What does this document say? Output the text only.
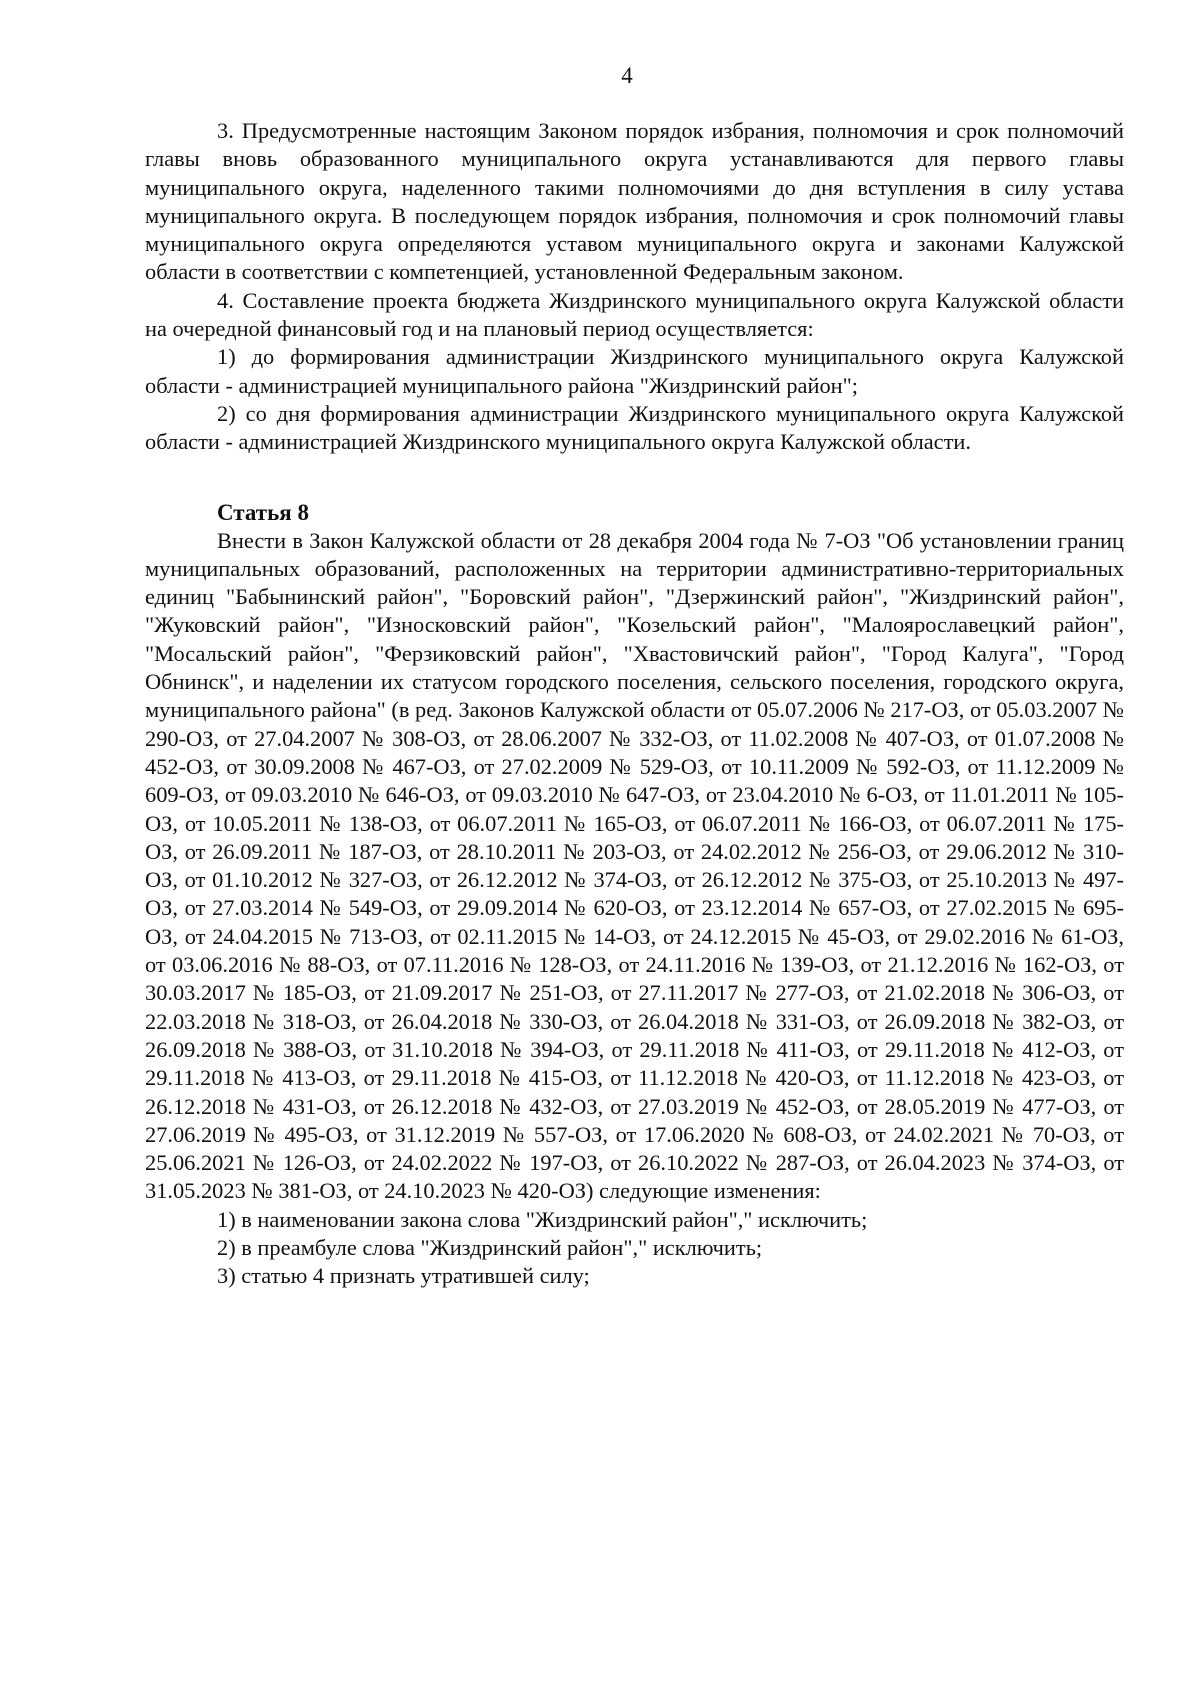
4

3. Предусмотренные настоящим Законом порядок избрания, полномочия и срок полномочий главы вновь образованного муниципального округа устанавливаются для первого главы муниципального округа, наделенного такими полномочиями до дня вступления в силу устава муниципального округа. В последующем порядок избрания, полномочия и срок полномочий главы муниципального округа определяются уставом муниципального округа и законами Калужской области в соответствии с компетенцией, установленной Федеральным законом.

4. Составление проекта бюджета Жиздринского муниципального округа Калужской области на очередной финансовый год и на плановый период осуществляется:

1) до формирования администрации Жиздринского муниципального округа Калужской области - администрацией муниципального района "Жиздринский район";

2) со дня формирования администрации Жиздринского муниципального округа Калужской области - администрацией Жиздринского муниципального округа Калужской области.

Статья 8

Внести в Закон Калужской области от 28 декабря 2004 года № 7-ОЗ "Об установлении границ муниципальных образований, расположенных на территории административно-территориальных единиц "Бабынинский район", "Боровский район", "Дзержинский район", "Жиздринский район", "Жуковский район", "Износковский район", "Козельский район", "Малоярославецкий район", "Мосальский район", "Ферзиковский район", "Хвастовичский район", "Город Калуга", "Город Обнинск", и наделении их статусом городского поселения, сельского поселения, городского округа, муниципального района" (в ред. Законов Калужской области от 05.07.2006 № 217-ОЗ, от 05.03.2007 № 290-ОЗ, от 27.04.2007 № 308-ОЗ, от 28.06.2007 № 332-ОЗ, от 11.02.2008 № 407-ОЗ, от 01.07.2008 № 452-ОЗ, от 30.09.2008 № 467-ОЗ, от 27.02.2009 № 529-ОЗ, от 10.11.2009 № 592-ОЗ, от 11.12.2009 № 609-ОЗ, от 09.03.2010 № 646-ОЗ, от 09.03.2010 № 647-ОЗ, от 23.04.2010 № 6-ОЗ, от 11.01.2011 № 105-ОЗ, от 10.05.2011 № 138-ОЗ, от 06.07.2011 № 165-ОЗ, от 06.07.2011 № 166-ОЗ, от 06.07.2011 № 175-ОЗ, от 26.09.2011 № 187-ОЗ, от 28.10.2011 № 203-ОЗ, от 24.02.2012 № 256-ОЗ, от 29.06.2012 № 310-ОЗ, от 01.10.2012 № 327-ОЗ, от 26.12.2012 № 374-ОЗ, от 26.12.2012 № 375-ОЗ, от 25.10.2013 № 497-ОЗ, от 27.03.2014 № 549-ОЗ, от 29.09.2014 № 620-ОЗ, от 23.12.2014 № 657-ОЗ, от 27.02.2015 № 695-ОЗ, от 24.04.2015 № 713-ОЗ, от 02.11.2015 № 14-ОЗ, от 24.12.2015 № 45-ОЗ, от 29.02.2016 № 61-ОЗ, от 03.06.2016 № 88-ОЗ, от 07.11.2016 № 128-ОЗ, от 24.11.2016 № 139-ОЗ, от 21.12.2016 № 162-ОЗ, от 30.03.2017 № 185-ОЗ, от 21.09.2017 № 251-ОЗ, от 27.11.2017 № 277-ОЗ, от 21.02.2018 № 306-ОЗ, от 22.03.2018 № 318-ОЗ, от 26.04.2018 № 330-ОЗ, от 26.04.2018 № 331-ОЗ, от 26.09.2018 № 382-ОЗ, от 26.09.2018 № 388-ОЗ, от 31.10.2018 № 394-ОЗ, от 29.11.2018 № 411-ОЗ, от 29.11.2018 № 412-ОЗ, от 29.11.2018 № 413-ОЗ, от 29.11.2018 № 415-ОЗ, от 11.12.2018 № 420-ОЗ, от 11.12.2018 № 423-ОЗ, от 26.12.2018 № 431-ОЗ, от 26.12.2018 № 432-ОЗ, от 27.03.2019 № 452-ОЗ, от 28.05.2019 № 477-ОЗ, от 27.06.2019 № 495-ОЗ, от 31.12.2019 № 557-ОЗ, от 17.06.2020 № 608-ОЗ, от 24.02.2021 № 70-ОЗ, от 25.06.2021 № 126-ОЗ, от 24.02.2022 № 197-ОЗ, от 26.10.2022 № 287-ОЗ, от 26.04.2023 № 374-ОЗ, от 31.05.2023 № 381-ОЗ, от 24.10.2023 № 420-ОЗ) следующие изменения:

1) в наименовании закона слова "Жиздринский район"," исключить;

2) в преамбуле слова "Жиздринский район"," исключить;

3) статью 4 признать утратившей силу;
